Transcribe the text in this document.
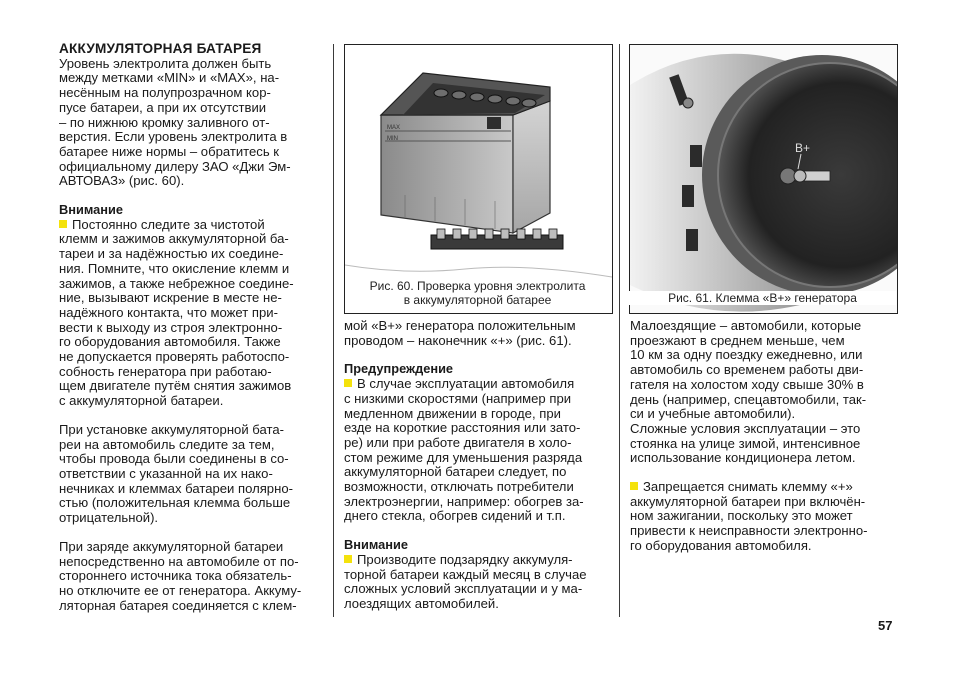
АККУМУЛЯТОРНАЯ БАТАРЕЯ

Уровень электролита должен быть

между метками «MIN» и «MAX», на-

несённым на полупрозрачном кор-

пусе батареи, а при их отсутствии

– по нижнюю кромку заливного от-

верстия. Если уровень электролита в

батарее ниже нормы – обратитесь к

официальному дилеру ЗАО «Джи Эм-

АВТОВАЗ» (рис. 60).

Внимание

Постоянно следите за чистотой

клемм и зажимов аккумуляторной ба-

тареи и за надёжностью их соедине-

ния. Помните, что окисление клемм и

зажимов, а также небрежное соедине-

ние, вызывают искрение в месте не-

надёжного контакта, что может при-

вести к выходу из строя электронно-

го оборудования автомобиля. Также

не допускается проверять работоспо-

собность генератора при работаю-

щем двигателе путём снятия зажимов

с аккумуляторной батареи.

При установке аккумуляторной бата-

реи на автомобиль следите за тем,

чтобы провода были соединены в со-

ответствии с указанной на их нако-

нечниках и клеммах батареи полярно-

стью (положительная клемма больше

отрицательной).

При заряде аккумуляторной батареи

непосредственно на автомобиле от по-

стороннего источника тока обязатель-

но отключите ее от генератора. Аккуму-

ляторная батарея соединяется с клем-

MAX
MIN
Рис. 60. Проверка уровня электролита
в аккумуляторной батарее
B+
Рис. 61. Клемма «В+» генератора

мой «В+» генератора положительным

проводом – наконечник «+» (рис. 61).

Предупреждение

В случае эксплуатации автомобиля

с низкими скоростями (например при

медленном движении в городе, при

езде на короткие расстояния или зато-

ре) или при работе двигателя в холо-

стом режиме для уменьшения разряда

аккумуляторной батареи следует, по

возможности, отключать потребители

электроэнергии, например: обогрев за-

днего стекла, обогрев сидений и т.п.

Внимание

Производите подзарядку аккумуля-

торной батареи каждый месяц в случае

сложных условий эксплуатации и у ма-

лоездящих автомобилей.

Малоездящие – автомобили, которые

проезжают в среднем меньше, чем

10 км за одну поездку ежедневно, или

автомобиль со временем работы дви-

гателя на холостом ходу свыше 30% в

день (например, спецавтомобили, так-

си и учебные автомобили).

Сложные условия эксплуатации – это

стоянка на улице зимой, интенсивное

использование кондиционера летом.

Запрещается снимать клемму «+»

аккумуляторной батареи при включён-

ном зажигании, поскольку это может

привести к неисправности электронно-

го оборудования автомобиля.

57
